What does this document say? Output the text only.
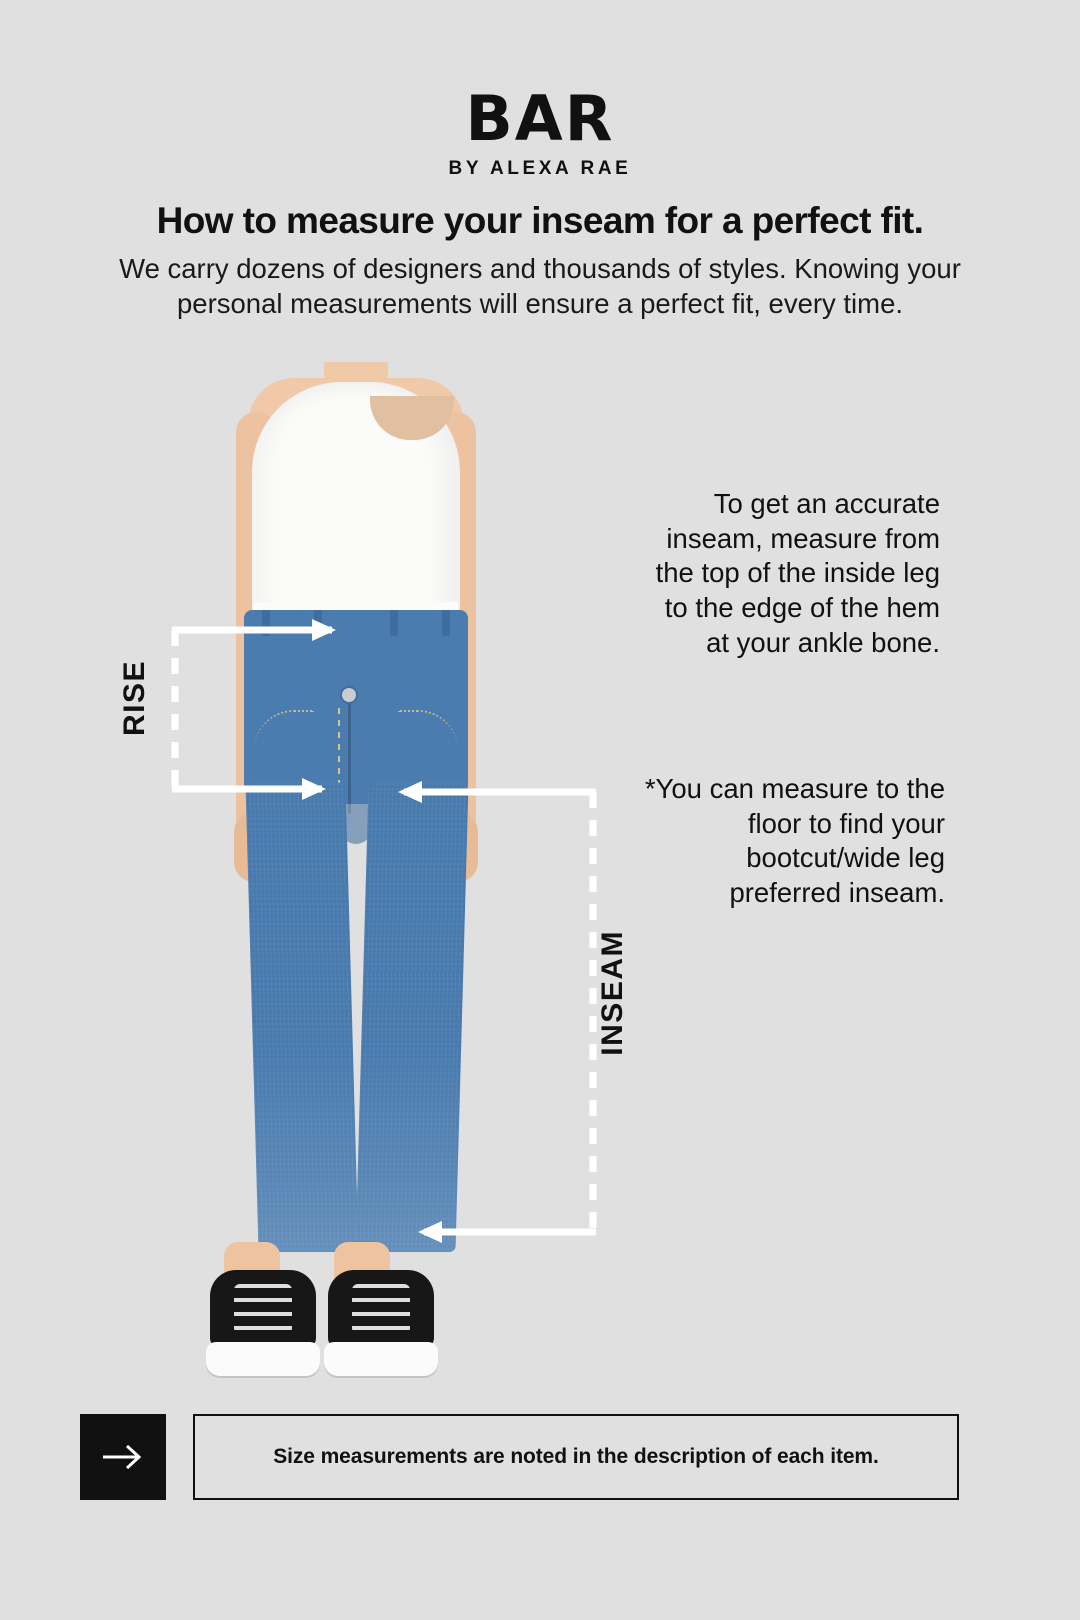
BAR
BY ALEXA RAE
How to measure your inseam for a perfect fit.
We carry dozens of designers and thousands of styles. Knowing your personal measurements will ensure a perfect fit, every time.
RISE
INSEAM
To get an accurate inseam, measure from the top of the inside leg to the edge of the hem at your ankle bone.
*You can measure to the floor to find your bootcut/wide leg preferred inseam.
Size measurements are noted in the description of each item.
